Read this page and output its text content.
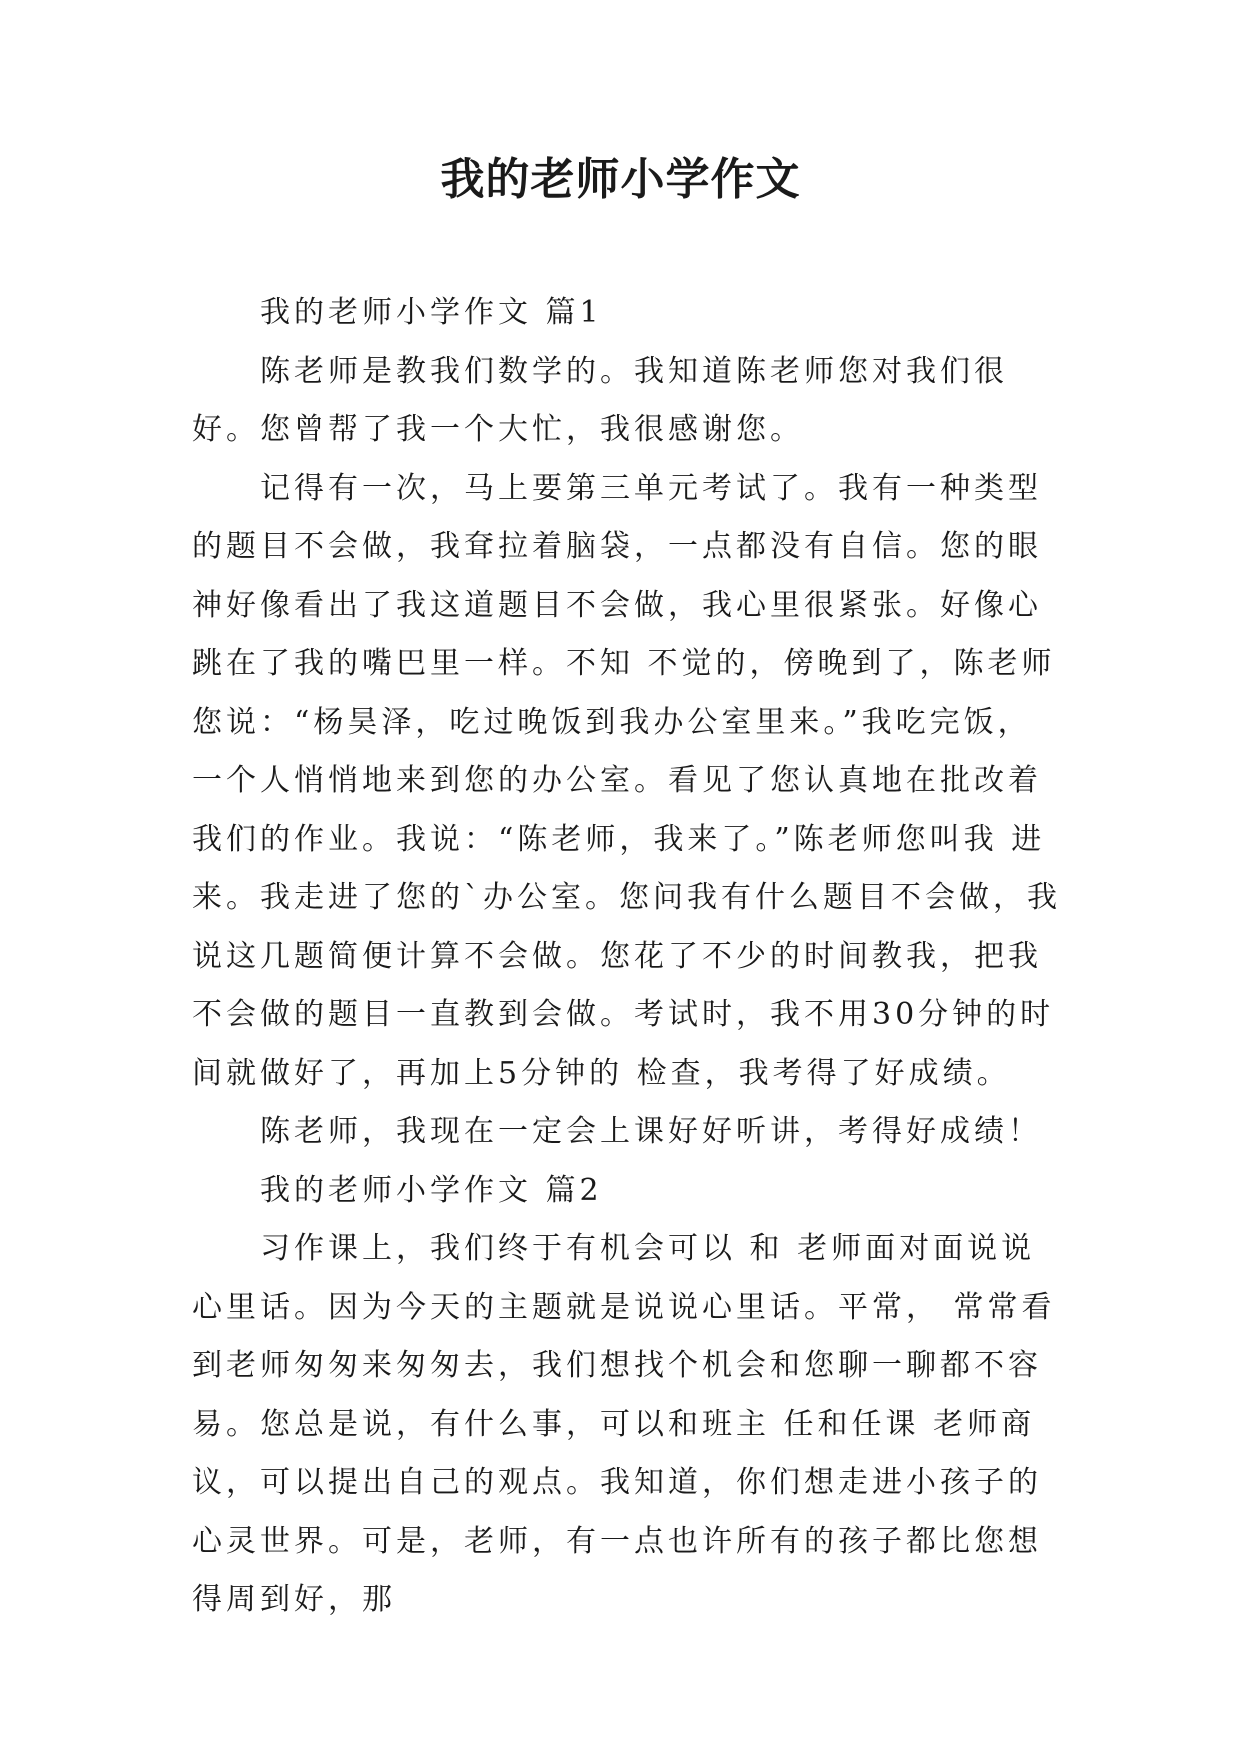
我的老师小学作文

我的老师小学作文 篇1

陈老师是教我们数学的。我知道陈老师您对我们很好。您曾帮了我一个大忙，我很感谢您。

记得有一次，马上要第三单元考试了。我有一种类型的题目不会做，我耷拉着脑袋，一点都没有自信。您的眼神好像看出了我这道题目不会做，我心里很紧张。好像心跳在了我的嘴巴里一样。不知 不觉的，傍晚到了，陈老师您说：“杨昊泽，吃过晚饭到我办公室里来。”我吃完饭，一个人悄悄地来到您的办公室。看见了您认真地在批改着我们的作业。我说：“陈老师，我来了。”陈老师您叫我 进来。我走进了您的`办公室。您问我有什么题目不会做，我说这几题简便计算不会做。您花了不少的时间教我，把我不会做的题目一直教到会做。考试时，我不用30分钟的时间就做好了，再加上5分钟的 检查，我考得了好成绩。

陈老师，我现在一定会上课好好听讲，考得好成绩！

我的老师小学作文 篇2

习作课上，我们终于有机会可以 和 老师面对面说说心里话。因为今天的主题就是说说心里话。平常， 常常看到老师匆匆来匆匆去，我们想找个机会和您聊一聊都不容易。您总是说，有什么事，可以和班主 任和任课 老师商议，可以提出自己的观点。我知道，你们想走进小孩子的心灵世界。可是，老师，有一点也许所有的孩子都比您想得周到好，那
